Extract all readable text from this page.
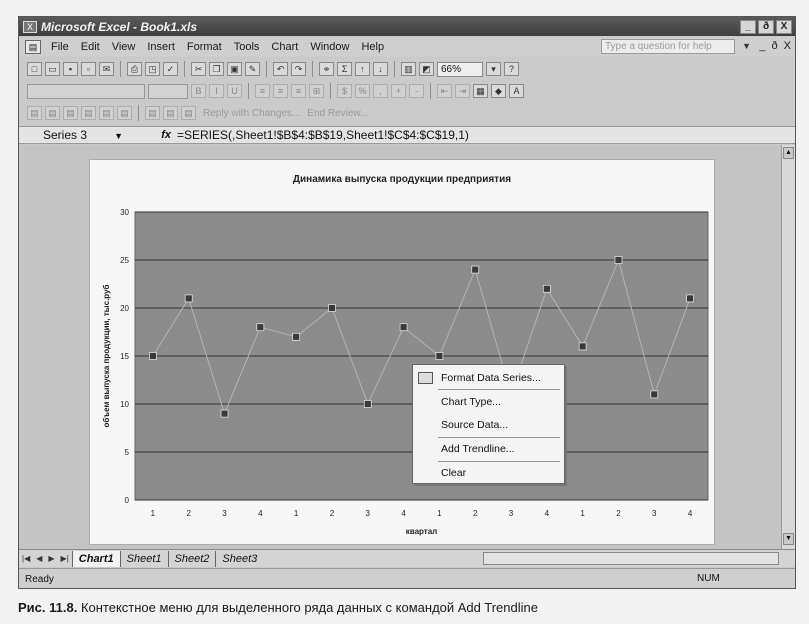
X Microsoft Excel - Book1.xls	_	ð	X
▤	File	Edit	View	Insert	Format	Tools	Chart	Window	Help	Type a question for help	▼ _ ð X
□	▭	▪	▫	✉	⎙	◳	✓	✂	❐	▣	✎	↶	↷	⚭	Σ	↑	↓	▥	◩	66%	▾	?
B	I	U	≡	≡	≡	⊞	$	%	,	+	-	⇤	⇥	▦	◆	A
▤	▤	▤	▤	▤	▤	▤	▤	▤	Reply with Changes... End Review...
Series 3	▼	fx =SERIES(,Sheet1!$B$4:$B$19,Sheet1!$C$4:$C$19,1)
Динамика выпуска продукции предприятия
0
5
10
15
20
25
30
1	2	3	4	1	2	3	4	1	2	3	4	1	2	3	4
квартал
объем выпуска продукции, тыс.руб	Format Data Series...
Chart Type...
Source Data...
Add Trendline...
Clear
▲
▼
|◀ ◀ ▶ ▶| Chart1	Sheet1	Sheet2	Sheet3
Ready	NUM
Рис. 11.8. Контекстное меню для выделенного ряда данных с командой Add Trendline
